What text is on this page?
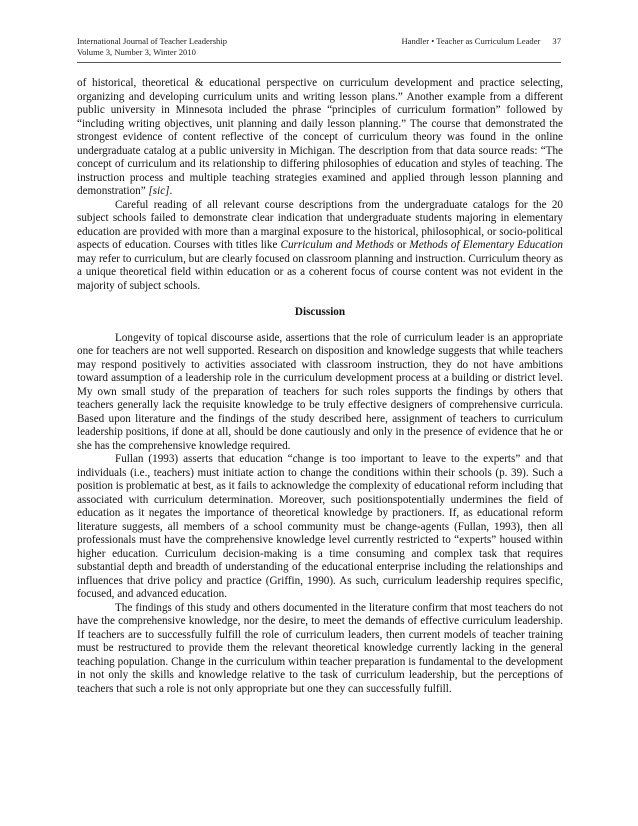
International Journal of Teacher Leadership	Handler • Teacher as Curriculum Leader 37
Volume 3, Number 3, Winter 2010

of historical, theoretical & educational perspective on curriculum development and practice selecting, organizing and developing curriculum units and writing lesson plans.” Another example from a different public university in Minnesota included the phrase “principles of curriculum formation” followed by “including writing objectives, unit planning and daily lesson planning.” The course that demonstrated the strongest evidence of content reflective of the concept of curriculum theory was found in the online undergraduate catalog at a public university in Michigan. The description from that data source reads: “The concept of curriculum and its relationship to differing philosophies of education and styles of teaching. The instruction process and multiple teaching strategies examined and applied through lesson planning and demonstration” [sic].

Careful reading of all relevant course descriptions from the undergraduate catalogs for the 20 subject schools failed to demonstrate clear indication that undergraduate students majoring in elementary education are provided with more than a marginal exposure to the historical, philosophical, or socio-political aspects of education. Courses with titles like Curriculum and Methods or Methods of Elementary Education may refer to curriculum, but are clearly focused on classroom planning and instruction. Curriculum theory as a unique theoretical field within education or as a coherent focus of course content was not evident in the majority of subject schools.

Discussion

Longevity of topical discourse aside, assertions that the role of curriculum leader is an appropriate one for teachers are not well supported. Research on disposition and knowledge suggests that while teachers may respond positively to activities associated with classroom instruction, they do not have ambitions toward assumption of a leadership role in the curriculum development process at a building or district level. My own small study of the preparation of teachers for such roles supports the findings by others that teachers generally lack the requisite knowledge to be truly effective designers of comprehensive curricula. Based upon literature and the findings of the study described here, assignment of teachers to curriculum leadership positions, if done at all, should be done cautiously and only in the presence of evidence that he or she has the comprehensive knowledge required.

Fullan (1993) asserts that education “change is too important to leave to the experts” and that individuals (i.e., teachers) must initiate action to change the conditions within their schools (p. 39). Such a position is problematic at best, as it fails to acknowledge the complexity of educational reform including that associated with curriculum determination. Moreover, such positionspotentially undermines the field of education as it negates the importance of theoretical knowledge by practioners. If, as educational reform literature suggests, all members of a school community must be change-agents (Fullan, 1993), then all professionals must have the comprehensive knowledge level currently restricted to “experts” housed within higher education. Curriculum decision-making is a time consuming and complex task that requires substantial depth and breadth of understanding of the educational enterprise including the relationships and influences that drive policy and practice (Griffin, 1990). As such, curriculum leadership requires specific, focused, and advanced education.

The findings of this study and others documented in the literature confirm that most teachers do not have the comprehensive knowledge, nor the desire, to meet the demands of effective curriculum leadership. If teachers are to successfully fulfill the role of curriculum leaders, then current models of teacher training must be restructured to provide them the relevant theoretical knowledge currently lacking in the general teaching population. Change in the curriculum within teacher preparation is fundamental to the development in not only the skills and knowledge relative to the task of curriculum leadership, but the perceptions of teachers that such a role is not only appropriate but one they can successfully fulfill.
